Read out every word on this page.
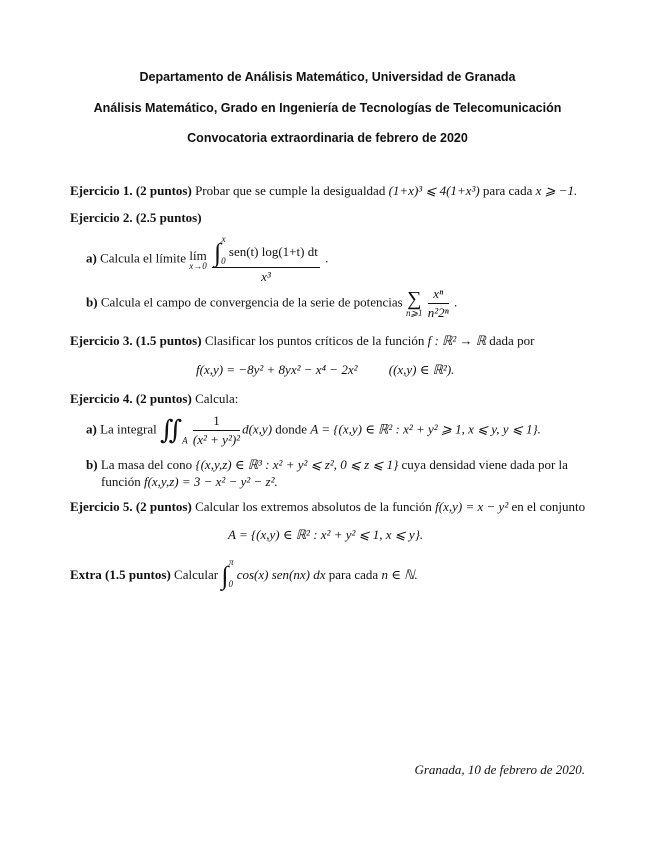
Departamento de Análisis Matemático, Universidad de Granada
Análisis Matemático, Grado en Ingeniería de Tecnologías de Telecomunicación
Convocatoria extraordinaria de febrero de 2020
Ejercicio 1. (2 puntos) Probar que se cumple la desigualdad (1+x)³ ⩽ 4(1+x³) para cada x ⩾ −1.
Ejercicio 2. (2.5 puntos)
a) Calcula el límite lím
x→0
$\frac{\int_0^x sen(t) \log(1+t) dt}{\text{x³}}$ .
b) Calcula el campo de convergencia de la serie de potencias ∑
n⩾1
$\frac{\text{xⁿ}}{\text{n²2ⁿ}}$ .
Ejercicio 3. (1.5 puntos) Clasificar los puntos críticos de la función f : ℝ² → ℝ dada por
f(x,y) = −8y² + 8yx² − x⁴ − 2x² ((x,y) ∈ ℝ²).
Ejercicio 4. (2 puntos) Calcula:
a) La integral $∬_A \frac{1}{\text{(x² + y²)²}} d(x,y)$ donde A = {(x,y) ∈ ℝ² : x² + y² ⩾ 1, x ⩽ y, y ⩽ 1}.
b) La masa del cono {(x,y,z) ∈ ℝ³ : x² + y² ⩽ z², 0 ⩽ z ⩽ 1} cuya densidad viene dada por la
función f(x,y,z) = 3 − x² − y² − z².
Ejercicio 5. (2 puntos) Calcular los extremos absolutos de la función f(x,y) = x − y² en el conjunto
A = {(x,y) ∈ ℝ² : x² + y² ⩽ 1, x ⩽ y}.
Extra (1.5 puntos) Calcular $\int_0^\pi$ cos(x) sen(nx) dx para cada n ∈ ℕ.
Granada, 10 de febrero de 2020.
